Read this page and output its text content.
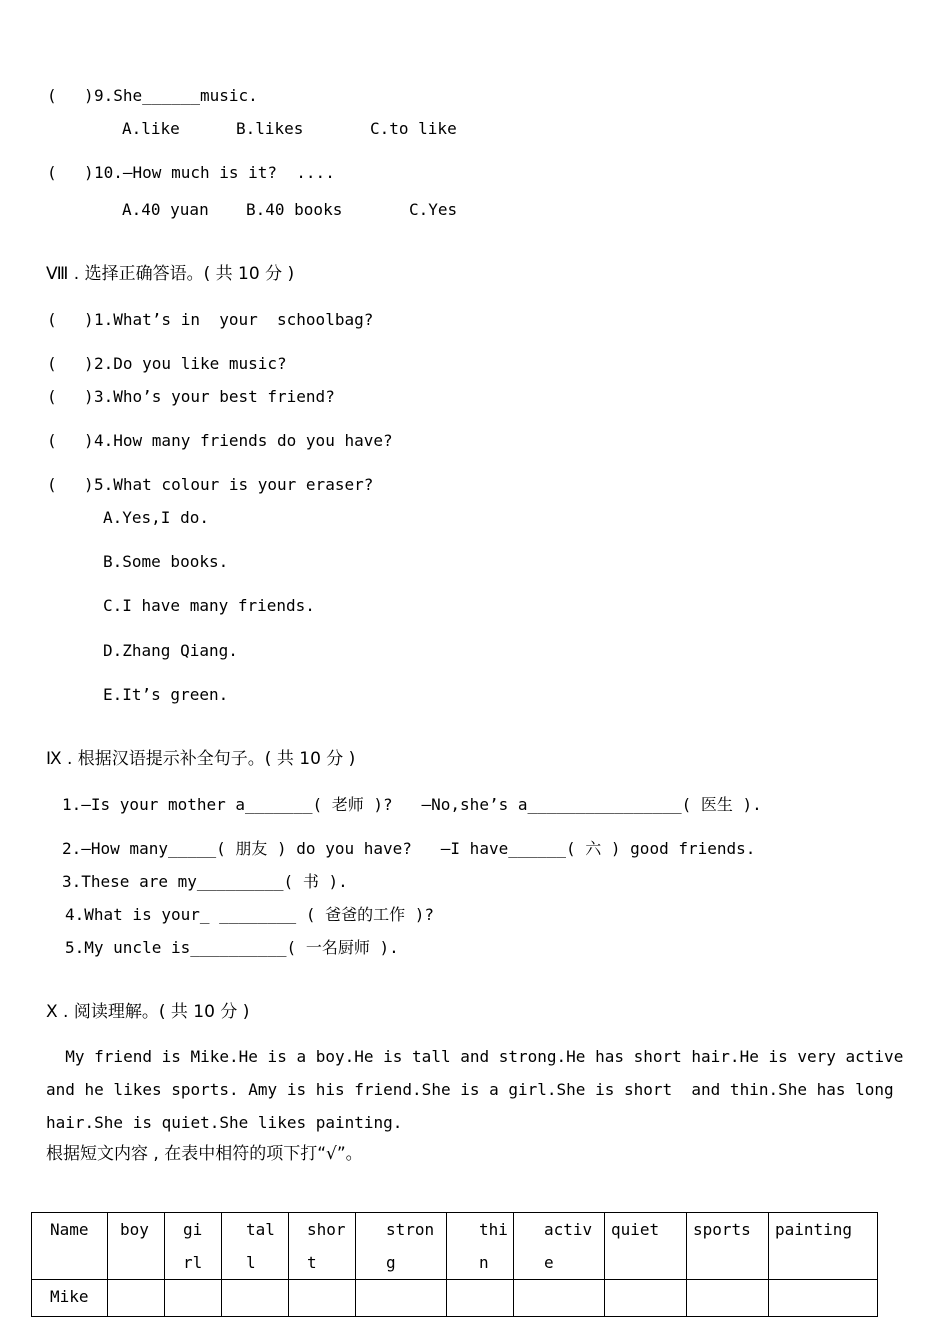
( ) 9.She______music.
A.like	B.likes	C.to like
( ) 10.—How much is it?  ....
A.40 yuan B.40 books	C.Yes
Ⅷ . 选择正确答语。( 共 10 分 )
( ) 1.What’s in  your  schoolbag?
( ) 2.Do you like music?
( ) 3.Who’s your best friend?
( ) 4.How many friends do you have?
( ) 5.What colour is your eraser?
A.Yes,I do.
B.Some books.
C.I have many friends.
D.Zhang Qiang.
E.It’s green.
Ⅸ . 根据汉语提示补全句子。( 共 10 分 )
1.—Is your mother a_______( 老师 )?   —No,she’s a________________( 医生 ).
2.—How many_____( 朋友 ) do you have?   —I have______( 六 ) good friends.
3.These are my_________( 书 ).
4.What is your_ ________ ( 爸爸的工作 )?
5.My uncle is__________( 一名厨师 ).
Ⅹ . 阅读理解。( 共 10 分 )
My friend is Mike.He is a boy.He is tall and strong.He has short hair.He is very active
and he likes sports. Amy is his friend.She is a girl.She is short  and thin.She has long
hair.She is quiet.She likes painting.
根据短文内容 , 在表中相符的项下打“√”。
Name	boy	gi rl	tall	short	strong	thin	active	quiet	sports	painting
Mike										
